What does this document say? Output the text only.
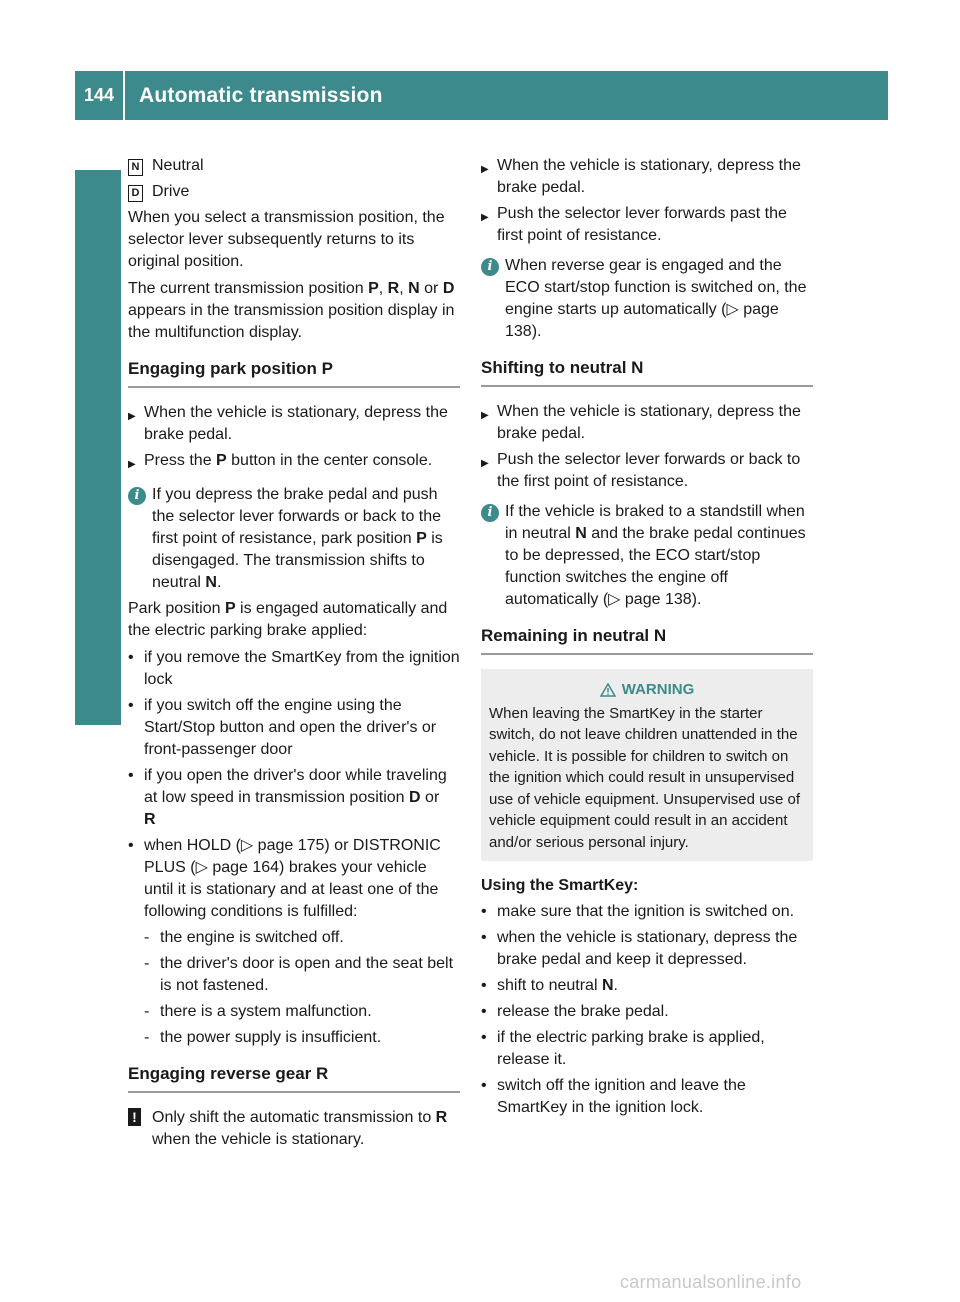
144	Automatic transmission
Driving and parking
N Neutral
D Drive

When you select a transmission position, the selector lever subsequently returns to its original position.

The current transmission position P, R, N or D appears in the transmission position display in the multifunction display.

Engaging park position P
▶ When the vehicle is stationary, depress the brake pedal.
▶ Press the P button in the center console.
i If you depress the brake pedal and push the selector lever forwards or back to the first point of resistance, park position P is disengaged. The transmission shifts to neutral N.

Park position P is engaged automatically and the electric parking brake applied:

• if you remove the SmartKey from the ignition lock
• if you switch off the engine using the Start/Stop button and open the driver's or front-passenger door
• if you open the driver's door while traveling at low speed in transmission position D or
R
• when HOLD (▷ page 175) or DISTRONIC PLUS (▷ page 164) brakes your vehicle until it is stationary and at least one of the following conditions is fulfilled:
- the engine is switched off.
- the driver's door is open and the seat belt is not fastened.
- there is a system malfunction.
- the power supply is insufficient.
Engaging reverse gear R
! Only shift the automatic transmission to R when the vehicle is stationary.
▶ When the vehicle is stationary, depress the brake pedal.
▶ Push the selector lever forwards past the first point of resistance.
i When reverse gear is engaged and the ECO start/stop function is switched on, the engine starts up automatically (▷ page 138).
Shifting to neutral N
▶ When the vehicle is stationary, depress the brake pedal.
▶ Push the selector lever forwards or back to the first point of resistance.
i If the vehicle is braked to a standstill when in neutral N and the brake pedal continues to be depressed, the ECO start/stop function switches the engine off automatically (▷ page 138).
Remaining in neutral N
WARNING
When leaving the SmartKey in the starter switch, do not leave children unattended in the vehicle. It is possible for children to switch on the ignition which could result in unsupervised use of vehicle equipment. Unsupervised use of vehicle equipment could result in an accident and/or serious personal injury.

Using the SmartKey:

• make sure that the ignition is switched on.
• when the vehicle is stationary, depress the brake pedal and keep it depressed.
• shift to neutral N.
• release the brake pedal.
• if the electric parking brake is applied, release it.
• switch off the ignition and leave the SmartKey in the ignition lock.
carmanualsonline.info
